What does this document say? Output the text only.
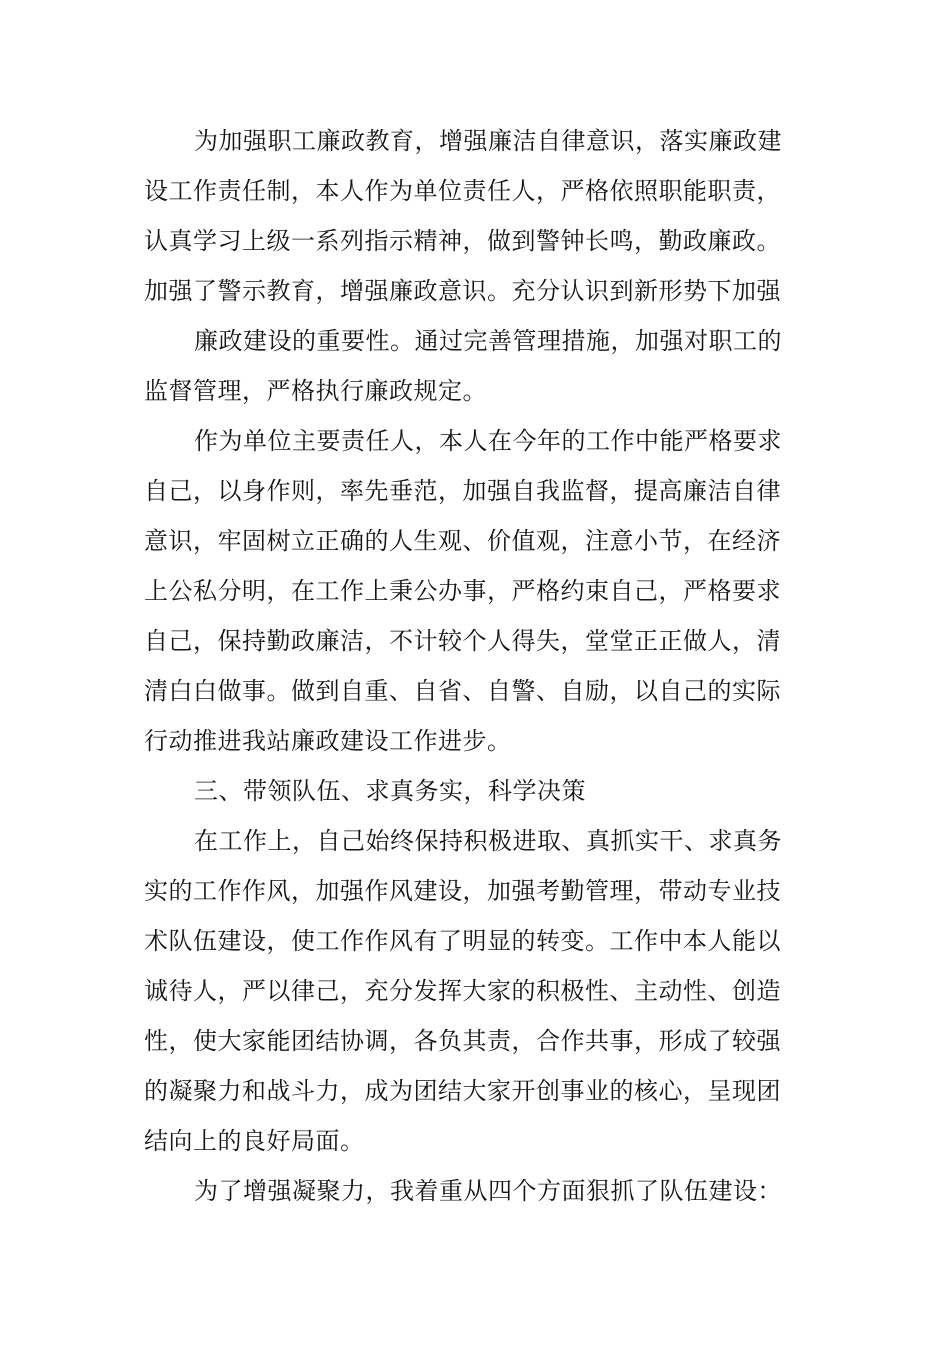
为加强职工廉政教育，增强廉洁自律意识，落实廉政建
设工作责任制，本人作为单位责任人，严格依照职能职责，
认真学习上级一系列指示精神，做到警钟长鸣，勤政廉政。
加强了警示教育，增强廉政意识。充分认识到新形势下加强
廉政建设的重要性。通过完善管理措施，加强对职工的
监督管理，严格执行廉政规定。
作为单位主要责任人，本人在今年的工作中能严格要求
自己，以身作则，率先垂范，加强自我监督，提高廉洁自律
意识，牢固树立正确的人生观、价值观，注意小节，在经济
上公私分明，在工作上秉公办事，严格约束自己，严格要求
自己，保持勤政廉洁，不计较个人得失，堂堂正正做人，清
清白白做事。做到自重、自省、自警、自励，以自己的实际
行动推进我站廉政建设工作进步。
三、带领队伍、求真务实，科学决策
在工作上，自己始终保持积极进取、真抓实干、求真务
实的工作作风，加强作风建设，加强考勤管理，带动专业技
术队伍建设，使工作作风有了明显的转变。工作中本人能以
诚待人，严以律己，充分发挥大家的积极性、主动性、创造
性，使大家能团结协调，各负其责，合作共事，形成了较强
的凝聚力和战斗力，成为团结大家开创事业的核心，呈现团
结向上的良好局面。
为了增强凝聚力，我着重从四个方面狠抓了队伍建设：
